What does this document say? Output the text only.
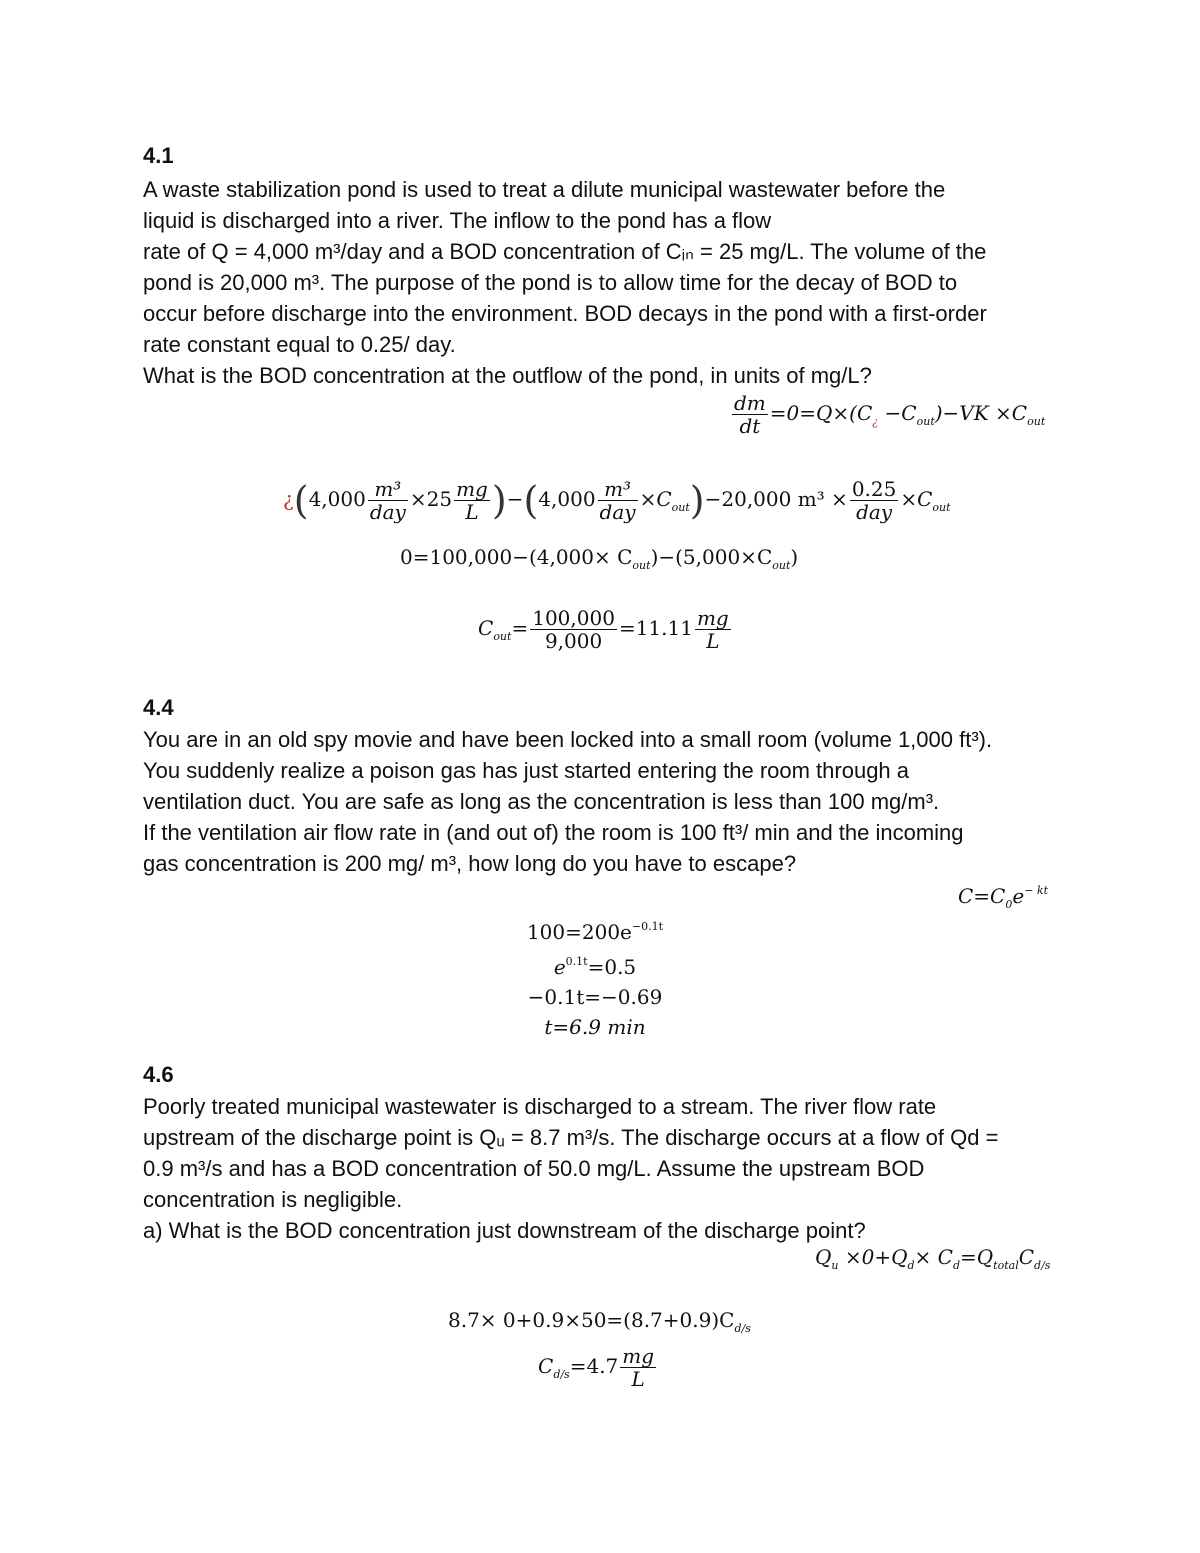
4.1

A waste stabilization pond is used to treat a dilute municipal wastewater before the

liquid is discharged into a river. The inflow to the pond has a flow

rate of Q = 4,000 m³/day and a BOD concentration of Cᵢₙ = 25 mg/L. The volume of the

pond is 20,000 m³. The purpose of the pond is to allow time for the decay of BOD to

occur before discharge into the environment. BOD decays in the pond with a first-order

rate constant equal to 0.25/ day.

What is the BOD concentration at the outflow of the pond, in units of mg/L?

$\frac{dm}{dt} =0=Q\times(C_¿ -C_{out})-VK \times C_{out}$
¿$(4,000 \frac{\text{m³}}{\text{day}} \times 25 \frac{mg}{L} )-(4,000 \frac{\text{m³}}{\text{day}} \times C_{out})-20,000$ $m^3 \times \frac{0.25}{\text{day}} \times C_{out}$
$0=100,000-(4,000\times C_{out})-(5,000\times C_{out})$
$C_{out}= \frac{100,000}{9,000} =11.11 \frac{mg}{L}$
4.4

You are in an old spy movie and have been locked into a small room (volume 1,000 ft³).

You suddenly realize a poison gas has just started entering the room through a

ventilation duct. You are safe as long as the concentration is less than 100 mg/m³.

If the ventilation air flow rate in (and out of) the room is 100 ft³/ min and the incoming

gas concentration is 200 mg/ m³, how long do you have to escape?

$C=C_0e^{- kt}$
$100=200e^{-0.1t}$
$e^{0.1t}=0.5$
−0.1t=−0.69
t=6.9 min
4.6

Poorly treated municipal wastewater is discharged to a stream. The river flow rate

upstream of the discharge point is Qᵤ = 8.7 m³/s. The discharge occurs at a flow of Qd =

0.9 m³/s and has a BOD concentration of 50.0 mg/L. Assume the upstream BOD

concentration is negligible.

a) What is the BOD concentration just downstream of the discharge point?

$Q_u \times 0+Q_d\times C_d=Q_{total}C_{d/s}$
$8.7\times 0+0.9\times 50=(8.7+0.9)C_{d/s}$
$C_{d/s}=4.7 \frac{mg}{L}$
